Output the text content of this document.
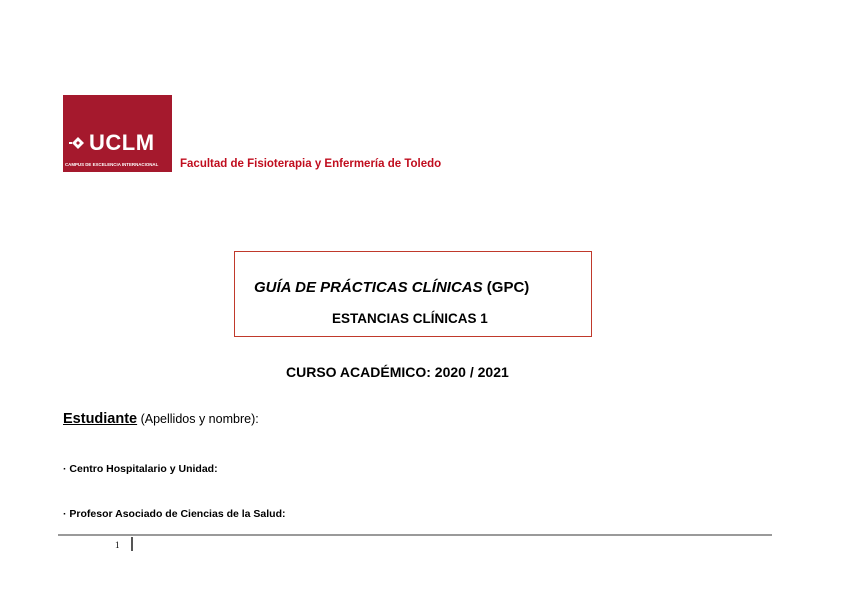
UCLM
CAMPUS DE EXCELENCIA INTERNACIONAL	Facultad de Fisioterapia y Enfermería de Toledo
GUÍA DE PRÁCTICAS CLÍNICAS (GPC)
ESTANCIAS CLÍNICAS 1
CURSO ACADÉMICO: 2020 / 2021
Estudiante (Apellidos y nombre):
· Centro Hospitalario y Unidad:
· Profesor Asociado de Ciencias de la Salud:
1
